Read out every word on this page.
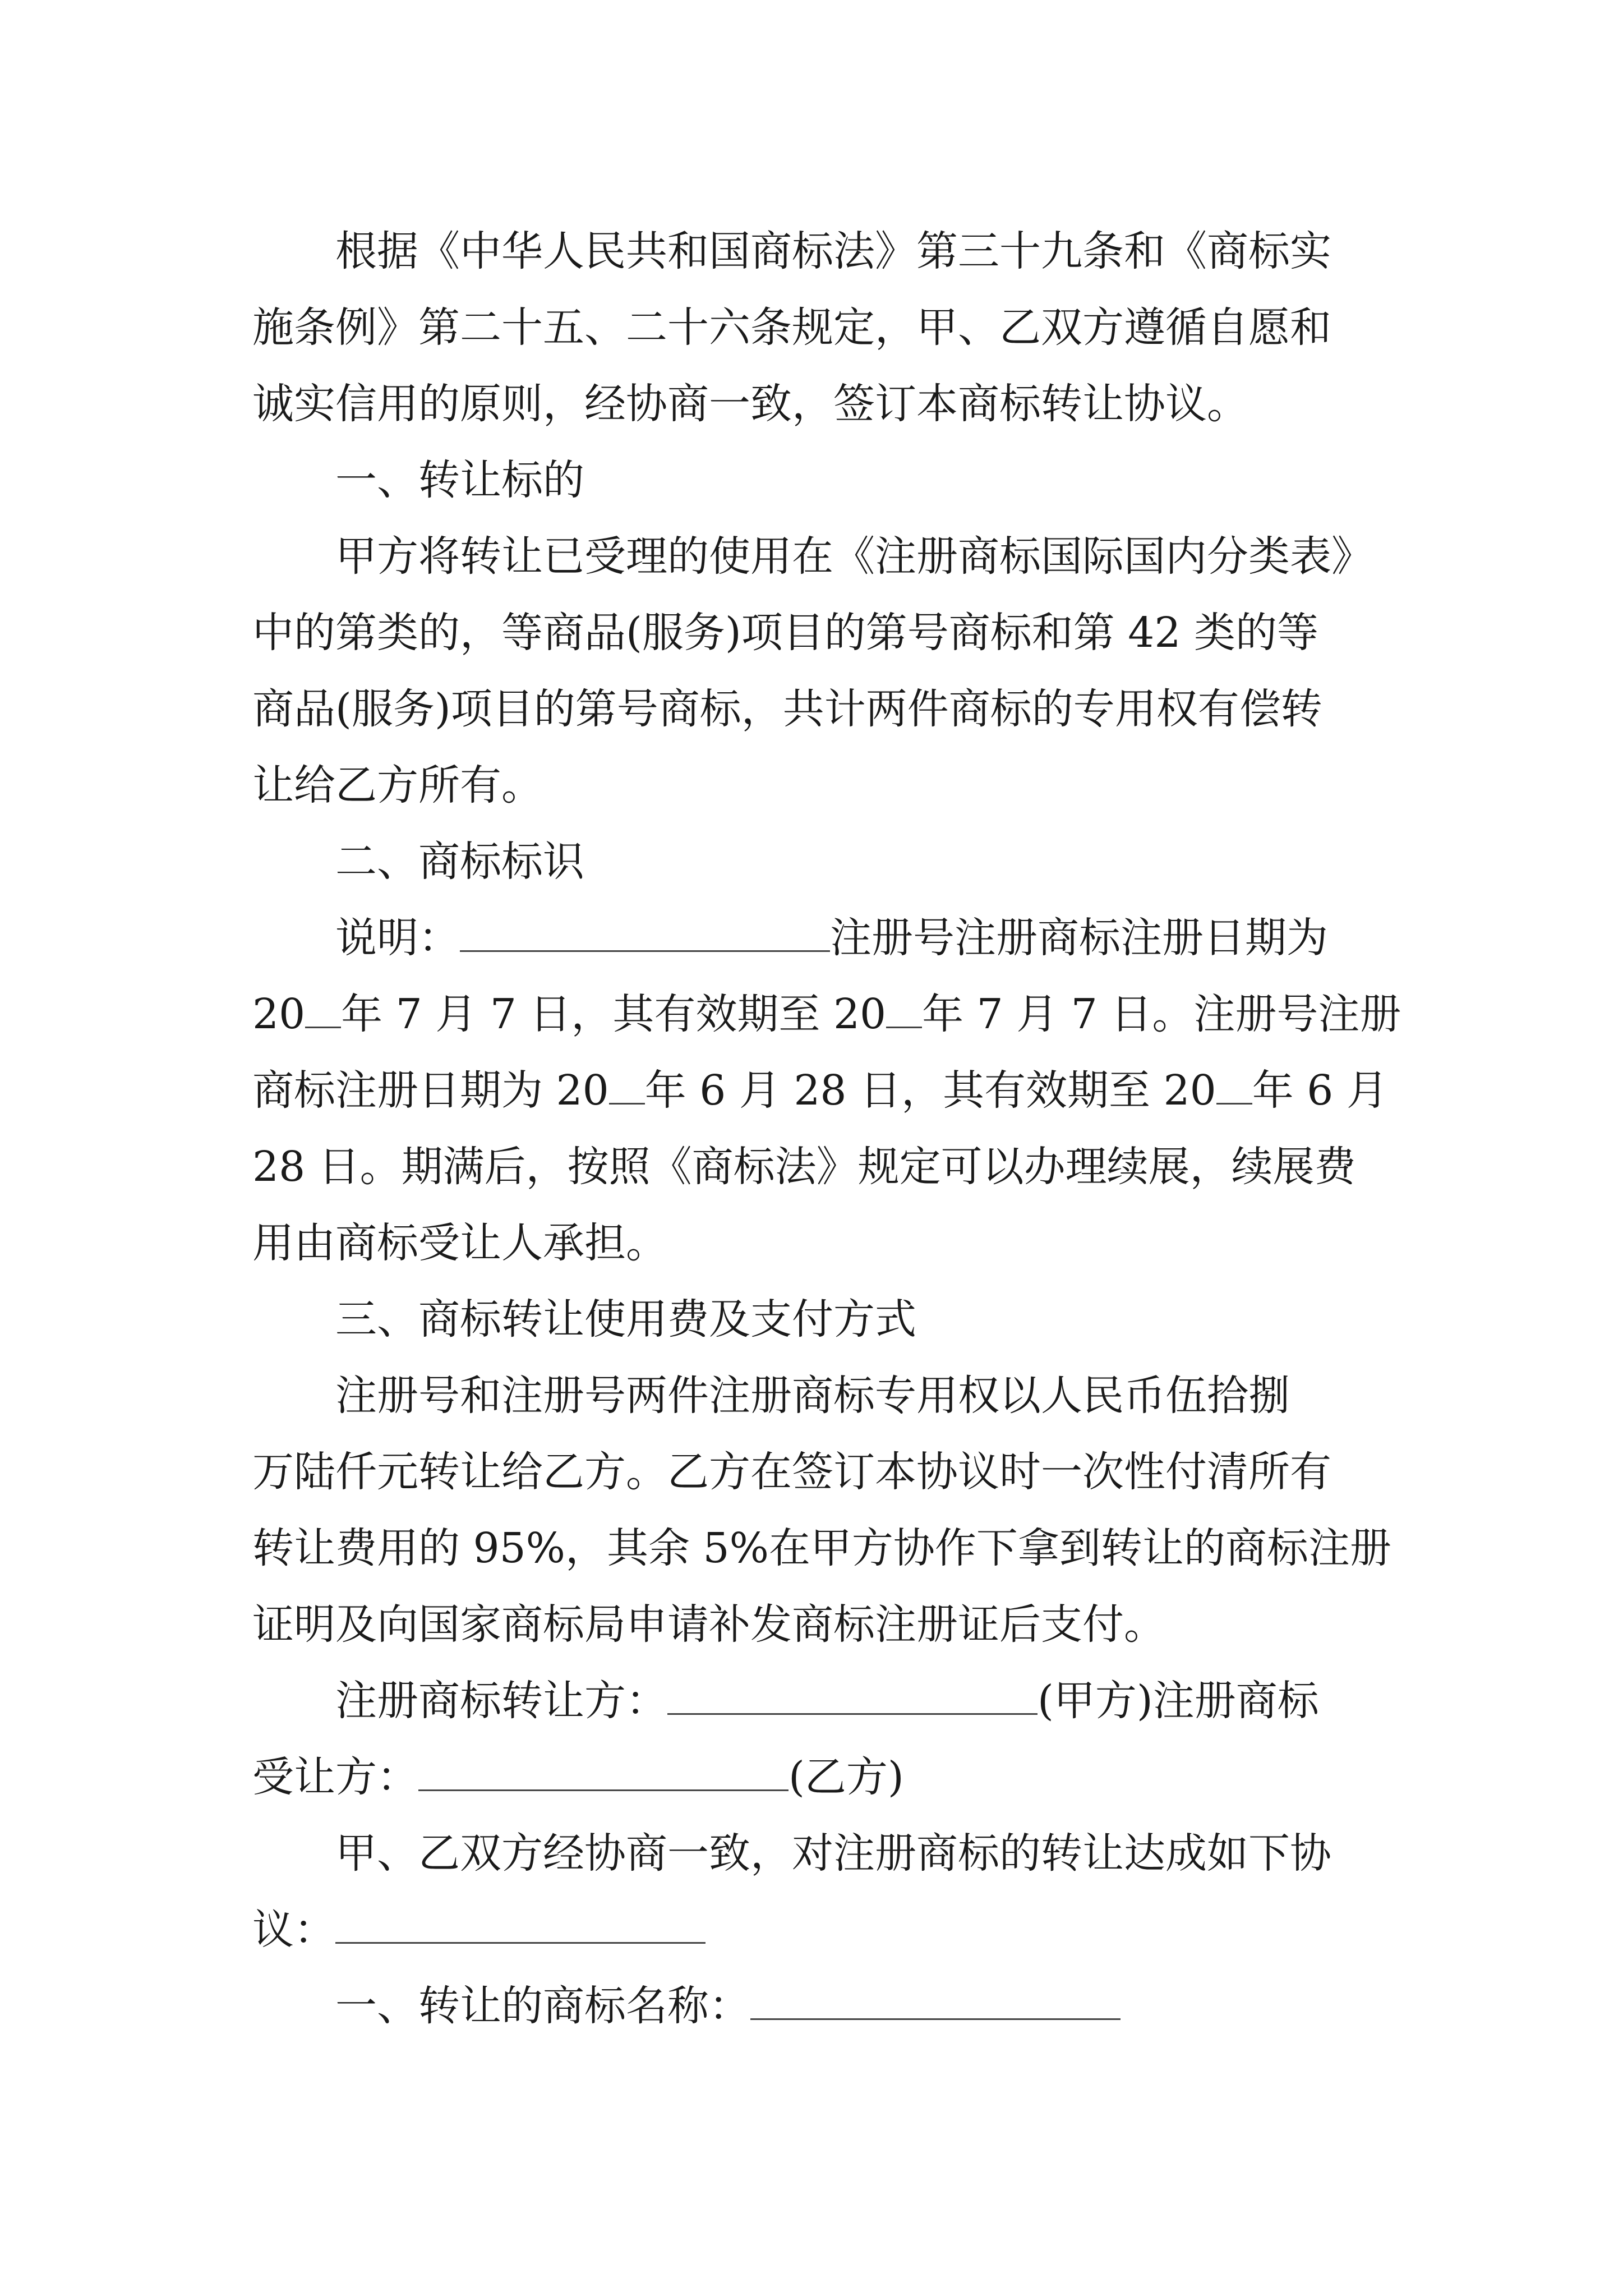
根据《中华人民共和国商标法》第三十九条和《商标实

施条例》第二十五、二十六条规定，甲、乙双方遵循自愿和

诚实信用的原则，经协商一致，签订本商标转让协议。

一、转让标的

甲方将转让已受理的使用在《注册商标国际国内分类表》

中的第类的，等商品(服务)项目的第号商标和第 42 类的等

商品(服务)项目的第号商标，共计两件商标的专用权有偿转

让给乙方所有。

二、商标标识

说明：	注册号注册商标注册日期为

20 年 7 月 7 日，其有效期至 20 年 7 月 7 日。注册号注册

商标注册日期为 20 年 6 月 28 日，其有效期至 20 年 6 月

28 日。期满后，按照《商标法》规定可以办理续展，续展费

用由商标受让人承担。

三、商标转让使用费及支付方式

注册号和注册号两件注册商标专用权以人民币伍拾捌

万陆仟元转让给乙方。乙方在签订本协议时一次性付清所有

转让费用的 95%，其余 5%在甲方协作下拿到转让的商标注册

证明及向国家商标局申请补发商标注册证后支付。

注册商标转让方：	(甲方)注册商标

受让方：	(乙方)

甲、乙双方经协商一致，对注册商标的转让达成如下协

议：

一、转让的商标名称：
